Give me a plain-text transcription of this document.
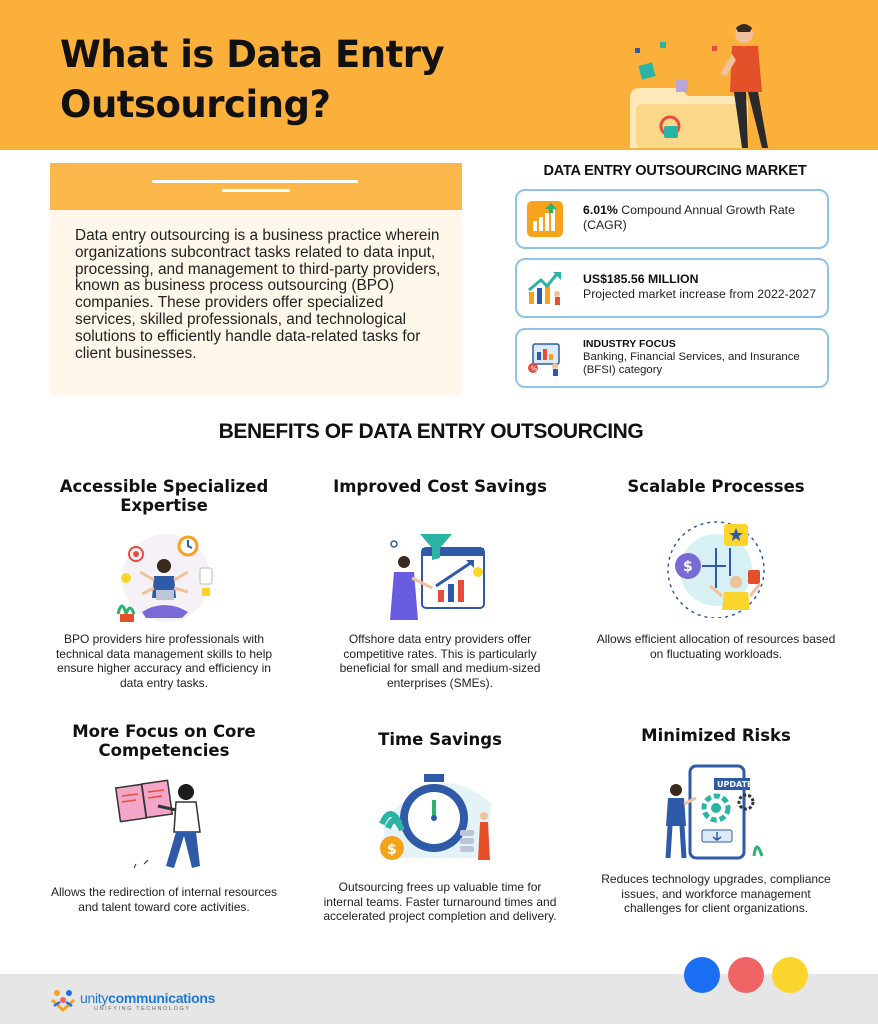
What is Data Entry Outsourcing?
Data entry outsourcing is a business practice wherein organizations subcontract tasks related to data input, processing, and management to third-party providers, known as business process outsourcing (BPO) companies. These providers offer specialized services, skilled professionals, and technological solutions to efficiently handle data-related tasks for client businesses.
DATA ENTRY OUTSOURCING MARKET
6.01% Compound Annual Growth Rate (CAGR)
US$185.56 MILLION
Projected market increase from 2022-2027
%
INDUSTRY FOCUS
Banking, Financial Services, and Insurance (BFSI) category
BENEFITS OF DATA ENTRY OUTSOURCING
Accessible Specialized Expertise
BPO providers hire professionals with technical data management skills to help ensure higher accuracy and efficiency in data entry tasks.
Improved Cost Savings
Offshore data entry providers offer competitive rates. This is particularly beneficial for small and medium-sized enterprises (SMEs).
Scalable Processes
$
Allows efficient allocation of resources based on fluctuating workloads.
More Focus on Core Competencies
Allows the redirection of internal resources and talent toward core activities.
Time Savings
$
Outsourcing frees up valuable time for internal teams. Faster turnaround times and accelerated project completion and delivery.
Minimized Risks
UPDATE
Reduces technology upgrades, compliance issues, and workforce management challenges for client organizations.
unitycommunications
UNIFYING TECHNOLOGY
